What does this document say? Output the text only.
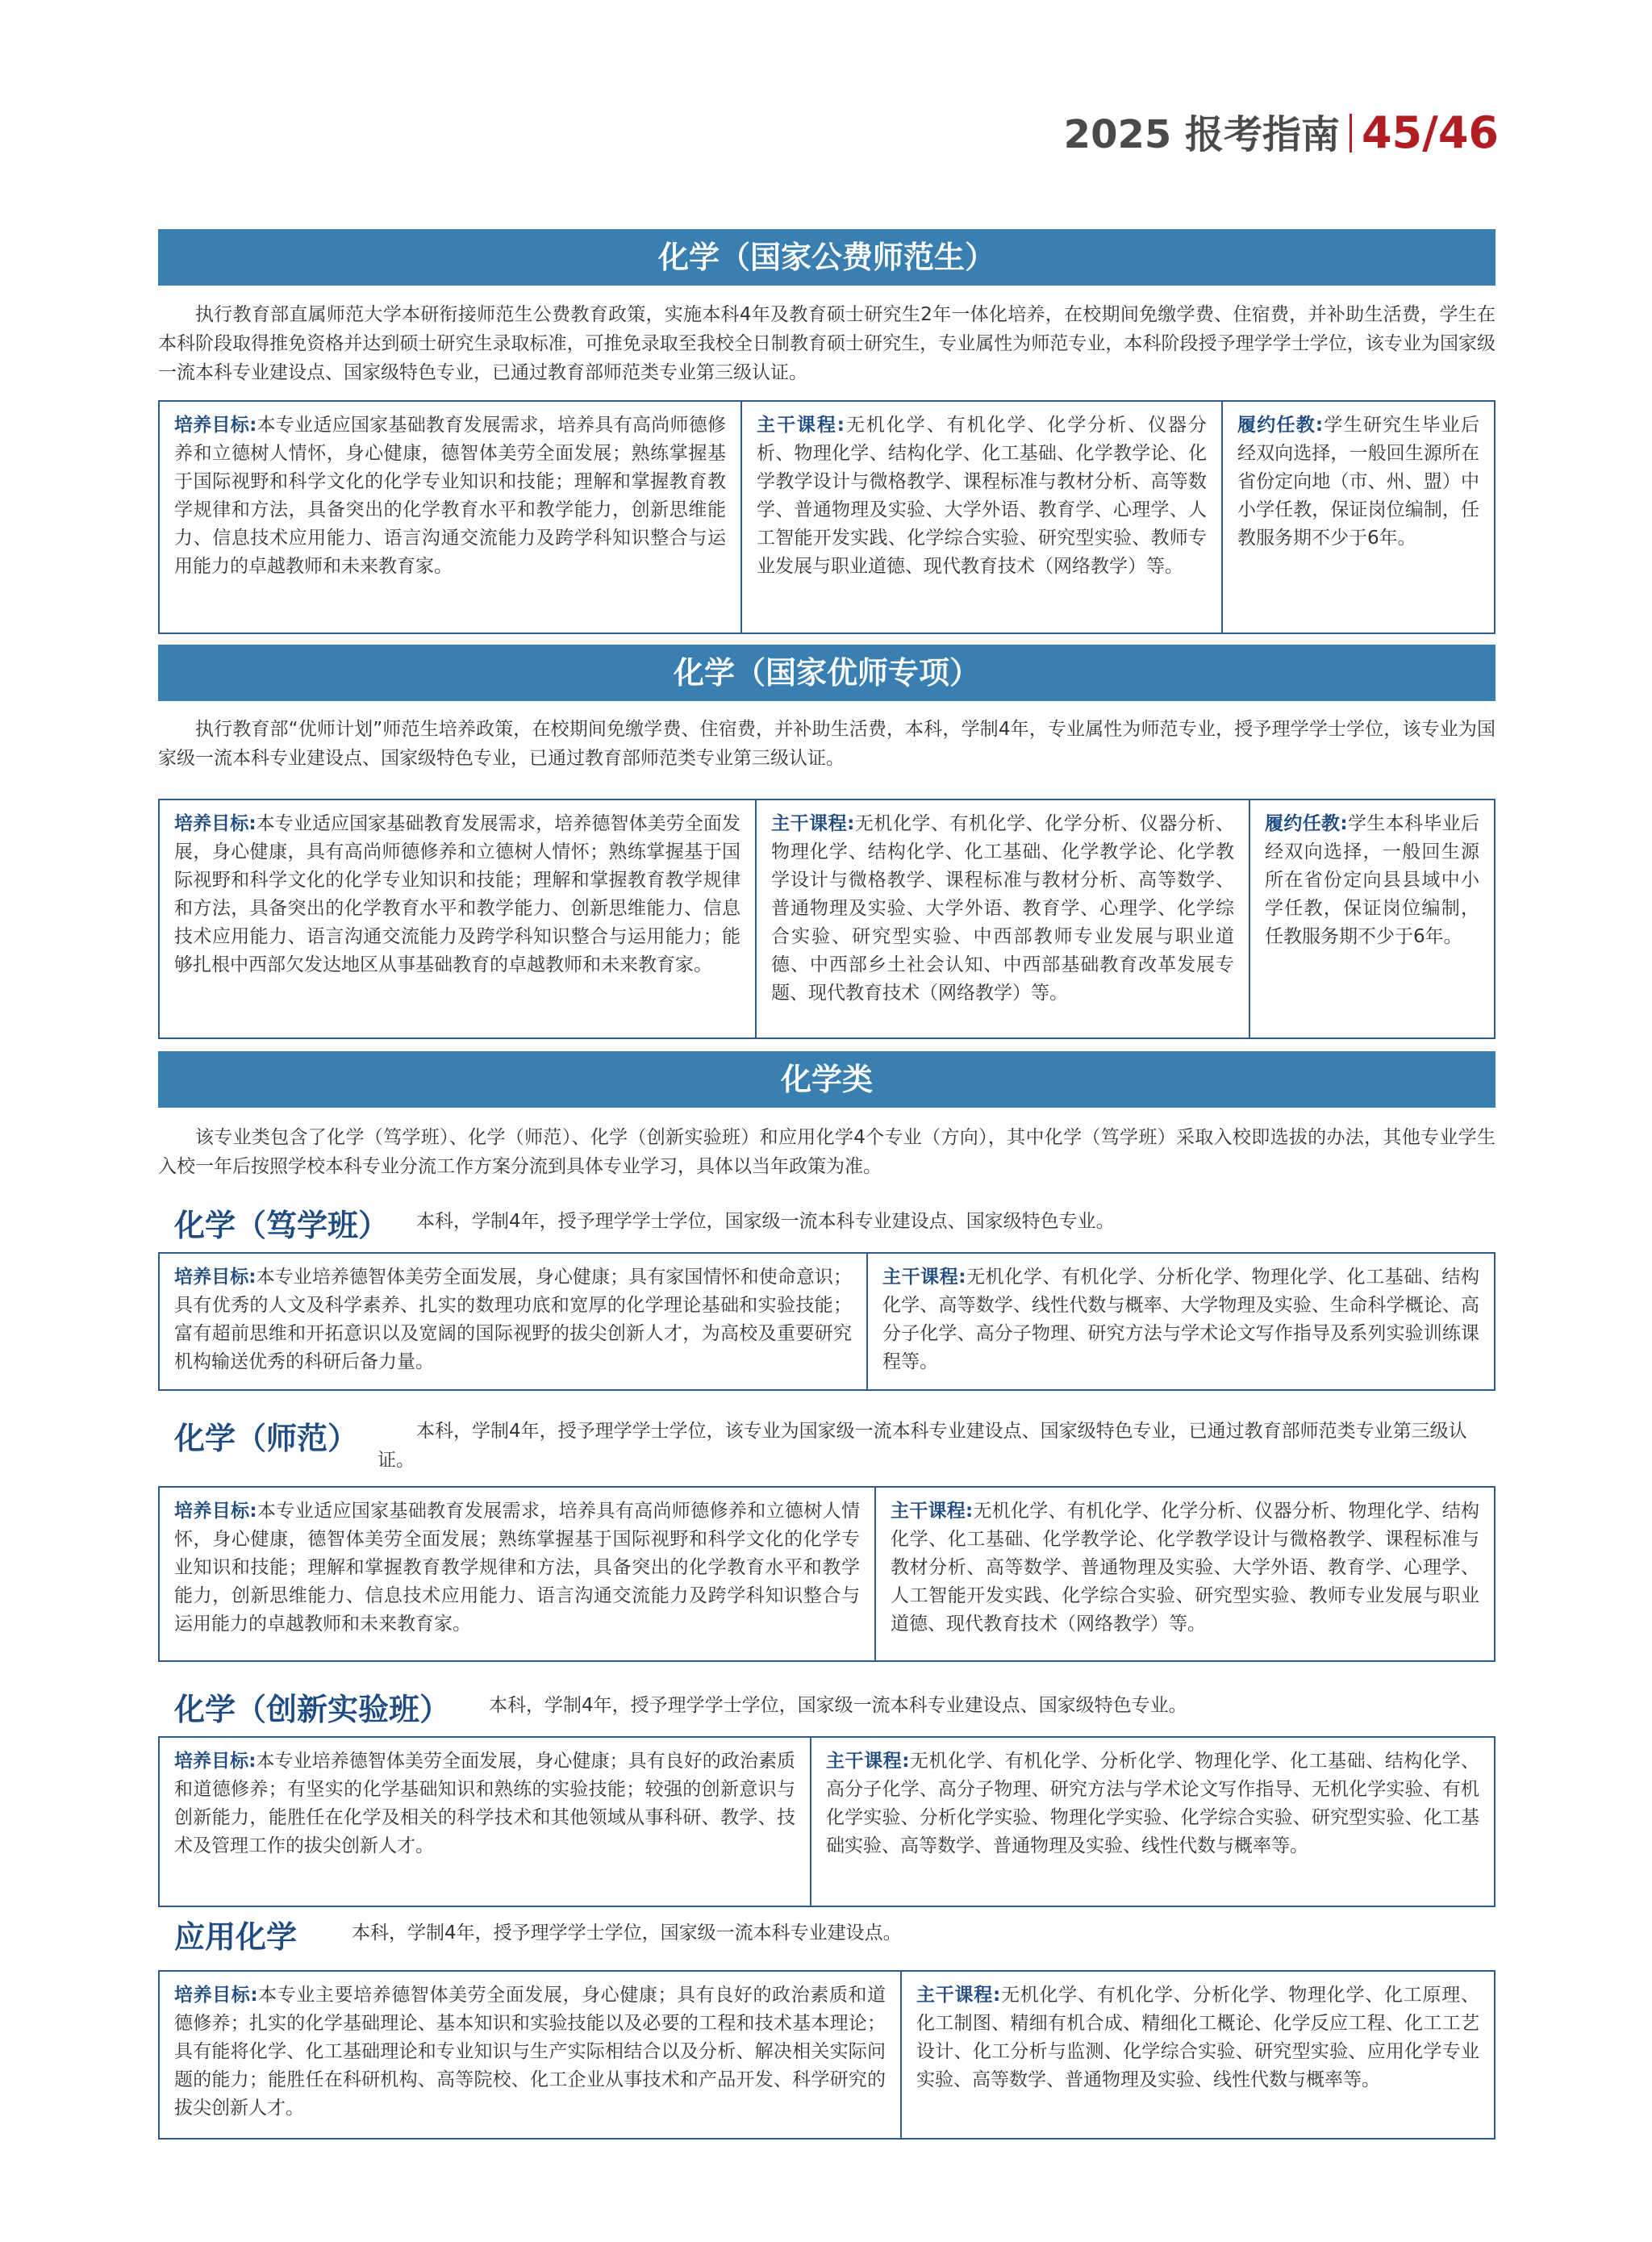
2025 报考指南 45/46
化学（国家公费师范生）

执行教育部直属师范大学本研衔接师范生公费教育政策，实施本科4年及教育硕士研究生2年一体化培养，在校期间免缴学费、住宿费，并补助生活费，学生在本科阶段取得推免资格并达到硕士研究生录取标准，可推免录取至我校全日制教育硕士研究生，专业属性为师范专业，本科阶段授予理学学士学位，该专业为国家级一流本科专业建设点、国家级特色专业，已通过教育部师范类专业第三级认证。

培养目标:本专业适应国家基础教育发展需求，培养具有高尚师德修养和立德树人情怀，身心健康，德智体美劳全面发展；熟练掌握基于国际视野和科学文化的化学专业知识和技能；理解和掌握教育教学规律和方法，具备突出的化学教育水平和教学能力，创新思维能力、信息技术应用能力、语言沟通交流能力及跨学科知识整合与运用能力的卓越教师和未来教育家。
主干课程:无机化学、有机化学、化学分析、仪器分析、物理化学、结构化学、化工基础、化学教学论、化学教学设计与微格教学、课程标准与教材分析、高等数学、普通物理及实验、大学外语、教育学、心理学、人工智能开发实践、化学综合实验、研究型实验、教师专业发展与职业道德、现代教育技术（网络教学）等。
履约任教:学生研究生毕业后经双向选择，一般回生源所在省份定向地（市、州、盟）中小学任教，保证岗位编制，任教服务期不少于6年。
化学（国家优师专项）

执行教育部“优师计划”师范生培养政策，在校期间免缴学费、住宿费，并补助生活费，本科，学制4年，专业属性为师范专业，授予理学学士学位，该专业为国家级一流本科专业建设点、国家级特色专业，已通过教育部师范类专业第三级认证。

培养目标:本专业适应国家基础教育发展需求，培养德智体美劳全面发展，身心健康，具有高尚师德修养和立德树人情怀；熟练掌握基于国际视野和科学文化的化学专业知识和技能；理解和掌握教育教学规律和方法，具备突出的化学教育水平和教学能力、创新思维能力、信息技术应用能力、语言沟通交流能力及跨学科知识整合与运用能力；能够扎根中西部欠发达地区从事基础教育的卓越教师和未来教育家。
主干课程:无机化学、有机化学、化学分析、仪器分析、物理化学、结构化学、化工基础、化学教学论、化学教学设计与微格教学、课程标准与教材分析、高等数学、普通物理及实验、大学外语、教育学、心理学、化学综合实验、研究型实验、中西部教师专业发展与职业道德、中西部乡土社会认知、中西部基础教育改革发展专题、现代教育技术（网络教学）等。
履约任教:学生本科毕业后经双向选择，一般回生源所在省份定向县县域中小学任教，保证岗位编制，任教服务期不少于6年。
化学类

该专业类包含了化学（笃学班）、化学（师范）、化学（创新实验班）和应用化学4个专业（方向），其中化学（笃学班）采取入校即选拔的办法，其他专业学生入校一年后按照学校本科专业分流工作方案分流到具体专业学习，具体以当年政策为准。

化学（笃学班） 本科，学制4年，授予理学学士学位，国家级一流本科专业建设点、国家级特色专业。
培养目标:本专业培养德智体美劳全面发展，身心健康；具有家国情怀和使命意识；具有优秀的人文及科学素养、扎实的数理功底和宽厚的化学理论基础和实验技能；富有超前思维和开拓意识以及宽阔的国际视野的拔尖创新人才，为高校及重要研究机构输送优秀的科研后备力量。
主干课程:无机化学、有机化学、分析化学、物理化学、化工基础、结构化学、高等数学、线性代数与概率、大学物理及实验、生命科学概论、高分子化学、高分子物理、研究方法与学术论文写作指导及系列实验训练课程等。
化学（师范）	本科，学制4年，授予理学学士学位，该专业为国家级一流本科专业建设点、国家级特色专业，已通过教育部师范类专业第三级认证。
培养目标:本专业适应国家基础教育发展需求，培养具有高尚师德修养和立德树人情怀，身心健康，德智体美劳全面发展；熟练掌握基于国际视野和科学文化的化学专业知识和技能；理解和掌握教育教学规律和方法，具备突出的化学教育水平和教学能力，创新思维能力、信息技术应用能力、语言沟通交流能力及跨学科知识整合与运用能力的卓越教师和未来教育家。
主干课程:无机化学、有机化学、化学分析、仪器分析、物理化学、结构化学、化工基础、化学教学论、化学教学设计与微格教学、课程标准与教材分析、高等数学、普通物理及实验、大学外语、教育学、心理学、人工智能开发实践、化学综合实验、研究型实验、教师专业发展与职业道德、现代教育技术（网络教学）等。
化学（创新实验班） 本科，学制4年，授予理学学士学位，国家级一流本科专业建设点、国家级特色专业。
培养目标:本专业培养德智体美劳全面发展，身心健康；具有良好的政治素质和道德修养；有坚实的化学基础知识和熟练的实验技能；较强的创新意识与创新能力，能胜任在化学及相关的科学技术和其他领域从事科研、教学、技术及管理工作的拔尖创新人才。
主干课程:无机化学、有机化学、分析化学、物理化学、化工基础、结构化学、高分子化学、高分子物理、研究方法与学术论文写作指导、无机化学实验、有机化学实验、分析化学实验、物理化学实验、化学综合实验、研究型实验、化工基础实验、高等数学、普通物理及实验、线性代数与概率等。
应用化学	本科，学制4年，授予理学学士学位，国家级一流本科专业建设点。
培养目标:本专业主要培养德智体美劳全面发展，身心健康；具有良好的政治素质和道德修养；扎实的化学基础理论、基本知识和实验技能以及必要的工程和技术基本理论；具有能将化学、化工基础理论和专业知识与生产实际相结合以及分析、解决相关实际问题的能力；能胜任在科研机构、高等院校、化工企业从事技术和产品开发、科学研究的拔尖创新人才。
主干课程:无机化学、有机化学、分析化学、物理化学、化工原理、化工制图、精细有机合成、精细化工概论、化学反应工程、化工工艺设计、化工分析与监测、化学综合实验、研究型实验、应用化学专业实验、高等数学、普通物理及实验、线性代数与概率等。
